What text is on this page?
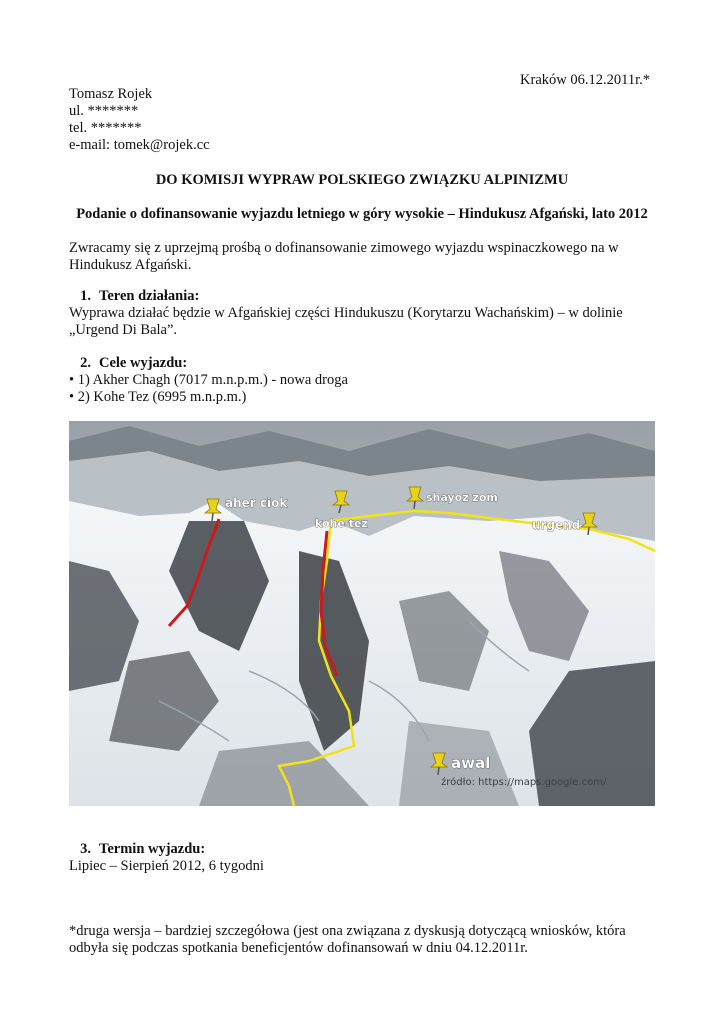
Kraków 06.12.2011r.*
Tomasz Rojek
ul. *******
tel. *******
e-mail: tomek@rojek.cc
DO KOMISJI WYPRAW POLSKIEGO ZWIĄZKU ALPINIZMU
Podanie o dofinansowanie wyjazdu letniego w góry wysokie – Hindukusz Afgański, lato 2012
Zwracamy się z uprzejmą prośbą o dofinansowanie zimowego wyjazdu wspinaczkowego na w
Hindukusz Afgański.
1. Teren działania:
Wyprawa działać będzie w Afgańskiej części Hindukuszu (Korytarzu Wachańskim) – w dolinie
„Urgend Di Bala”.
2. Cele wyjazdu:
• 1) Akher Chagh (7017 m.n.p.m.) - nowa droga
• 2) Kohe Tez (6995 m.n.p.m.)
aher ciok
kohe tez
shayoz zom
urgend
awal
źródło: https://maps.google.com/
3. Termin wyjazdu:
Lipiec – Sierpień 2012, 6 tygodni
*druga wersja – bardziej szczegółowa (jest ona związana z dyskusją dotyczącą wniosków, która
odbyła się podczas spotkania beneficjentów dofinansowań w dniu 04.12.2011r.
